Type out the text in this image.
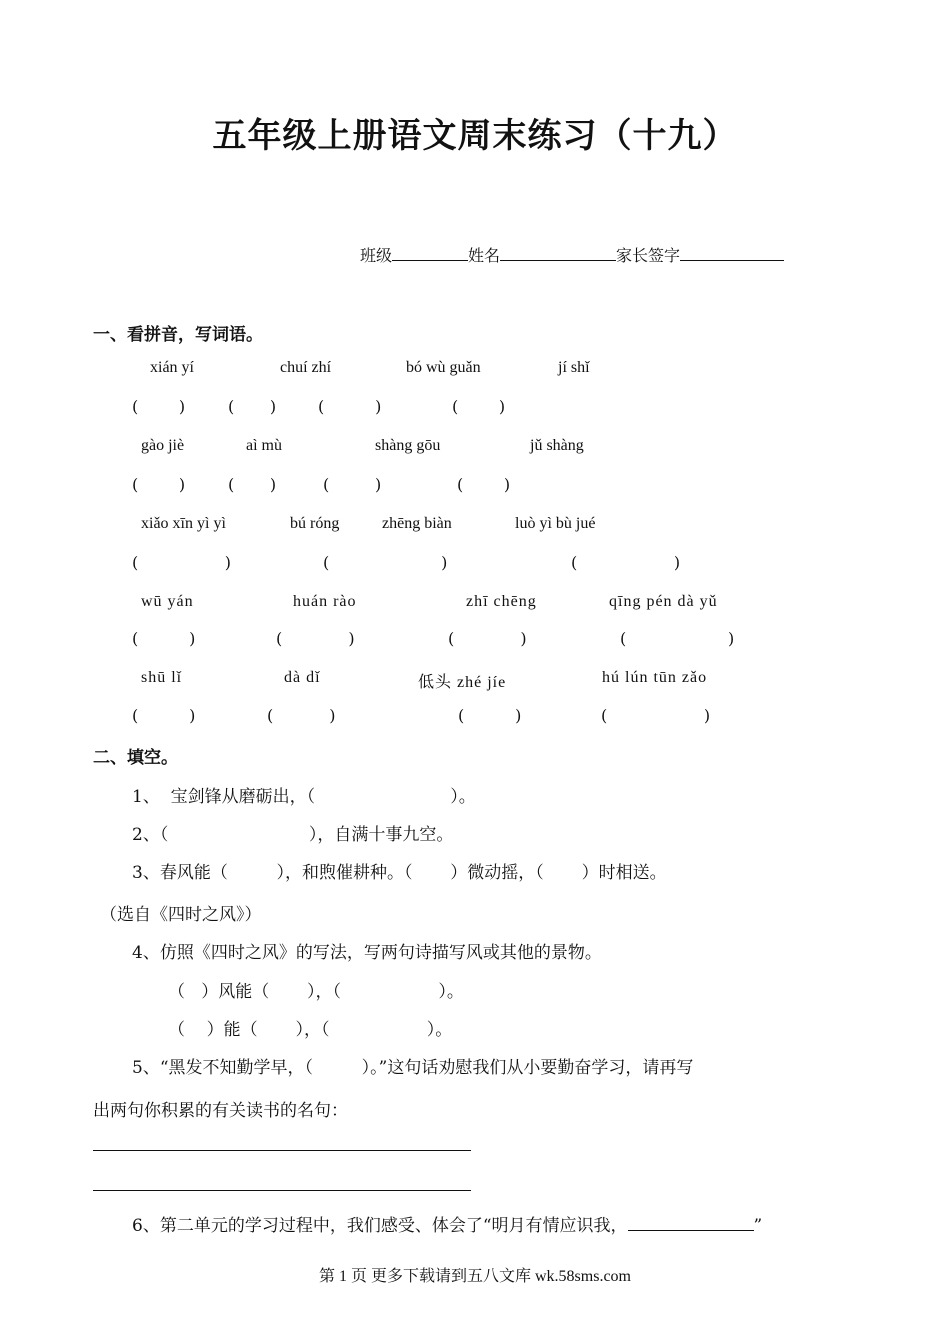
五年级上册语文周末练习（十九）
班级	姓名	家长签字
一、看拼音，写词语。
xián yí	chuí zhí	bó wù guǎn	jí shǐ
(        )	(       )	(          )	(        )
gào jiè	aì mù	shàng gōu	jǔ shàng
(        )	(       )	(         )	(        )
xiǎo xīn yì yì	bú róng	zhēng biàn	luò yì bù jué
(                 )	(                      )	(                   )
wū yán	huán rào	zhī chēng	qīng pén dà yǔ
(          )	(             )	(             )	(                    )
shū lǐ	dà dǐ	低头 zhé jíe	hú lún tūn zǎo
(          )	(           )	(          )	(                   )
二、填空。
1、 宝剑锋从磨砺出，（	）。
2、（	），自满十事九空。
3、春风能（	），和煦催耕种。（ ）微动摇，（ ）时相送。
（选自《四时之风》）
4、仿照《四时之风》的写法，写两句诗描写风或其他的景物。
（ ）风能（ ），（	）。
（ ）能（ ），（	）。
5、“黑发不知勤学早，（	）。”这句话劝慰我们从小要勤奋学习，请再写
出两句你积累的有关读书的名句：
6、第二单元的学习过程中，我们感受、体会了“明月有情应识我，	”
第 1 页 更多下载请到五八文库 wk.58sms.com
